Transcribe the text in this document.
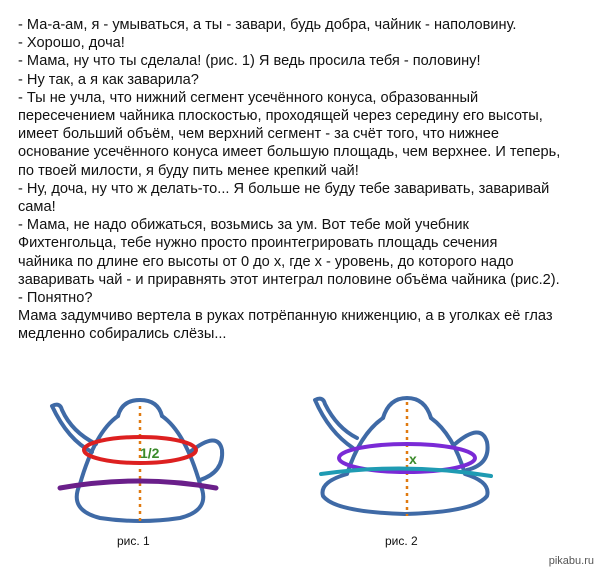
- Ма-а-ам, я - умываться, а ты - завари, будь добра, чайник - наполовину.
- Хорошо, доча!
- Мама, ну что ты сделала! (рис. 1) Я ведь просила тебя - половину!
- Ну так, а я как заварила?
- Ты не учла, что нижний сегмент усечённого конуса, образованный
пересечением чайника плоскостью, проходящей через середину его высоты,
имеет больший объём, чем верхний сегмент - за счёт того, что нижнее
основание усечённого конуса имеет большую площадь, чем верхнее. И теперь,
по твоей милости, я буду пить менее крепкий чай!
- Ну, доча, ну что ж делать-то... Я больше не буду тебе заваривать, заваривай
сама!
- Мама, не надо обижаться, возьмись за ум. Вот тебе мой учебник
Фихтенгольца, тебе нужно просто проинтегрировать площадь сечения
чайника по длине его высоты от 0 до x, где x - уровень, до которого надо
заваривать чай - и приравнять этот интеграл половине объёма чайника (рис.2).
- Понятно?
Мама задумчиво вертела в руках потрёпанную книженцию, а в уголках её глаз
медленно собирались слёзы...
1/2
рис. 1
x
рис. 2
pikabu.ru
